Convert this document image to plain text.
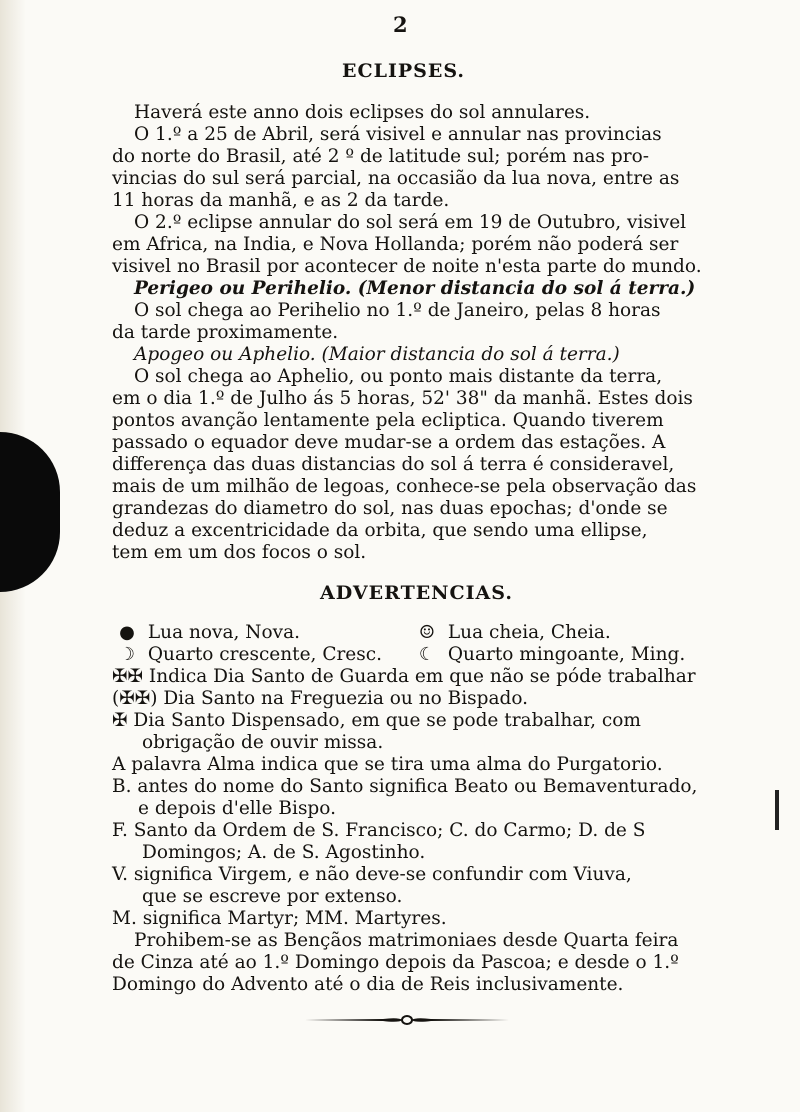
2
ECLIPSES.
Haverá este anno dois eclipses do sol annulares.
O 1.º a 25 de Abril, será visivel e annular nas provincias
do norte do Brasil, até 2 º de latitude sul; porém nas pro-
vincias do sul será parcial, na occasião da lua nova, entre as
11 horas da manhã, e as 2 da tarde.
O 2.º eclipse annular do sol será em 19 de Outubro, visivel
em Africa, na India, e Nova Hollanda; porém não poderá ser
visivel no Brasil por acontecer de noite n'esta parte do mundo.
Perigeo ou Perihelio. (Menor distancia do sol á terra.)
O sol chega ao Perihelio no 1.º de Janeiro, pelas 8 horas
da tarde proximamente.
Apogeo ou Aphelio. (Maior distancia do sol á terra.)
O sol chega ao Aphelio, ou ponto mais distante da terra,
em o dia 1.º de Julho ás 5 horas, 52' 38" da manhã. Estes dois
pontos avanção lentamente pela ecliptica. Quando tiverem
passado o equador deve mudar-se a ordem das estações. A
differença das duas distancias do sol á terra é consideravel,
mais de um milhão de legoas, conhece-se pela observação das
grandezas do diametro do sol, nas duas epochas; d'onde se
deduz a excentricidade da orbita, que sendo uma ellipse,
tem em um dos focos o sol.
ADVERTENCIAS.
● Lua nova, Nova.	☺ Lua cheia, Cheia.
☽ Quarto crescente, Cresc.	☾ Quarto mingoante, Ming.
✠✠ Indica Dia Santo de Guarda em que não se póde trabalhar
(✠✠) Dia Santo na Freguezia ou no Bispado.
✠ Dia Santo Dispensado, em que se pode trabalhar, com
obrigação de ouvir missa.
A palavra Alma indica que se tira uma alma do Purgatorio.
B. antes do nome do Santo significa Beato ou Bemaventurado,
e depois d'elle Bispo.
F. Santo da Ordem de S. Francisco; C. do Carmo; D. de S
Domingos; A. de S. Agostinho.
V. significa Virgem, e não deve-se confundir com Viuva,
que se escreve por extenso.
M. significa Martyr; MM. Martyres.
Prohibem-se as Bençãos matrimoniaes desde Quarta feira
de Cinza até ao 1.º Domingo depois da Pascoa; e desde o 1.º
Domingo do Advento até o dia de Reis inclusivamente.
